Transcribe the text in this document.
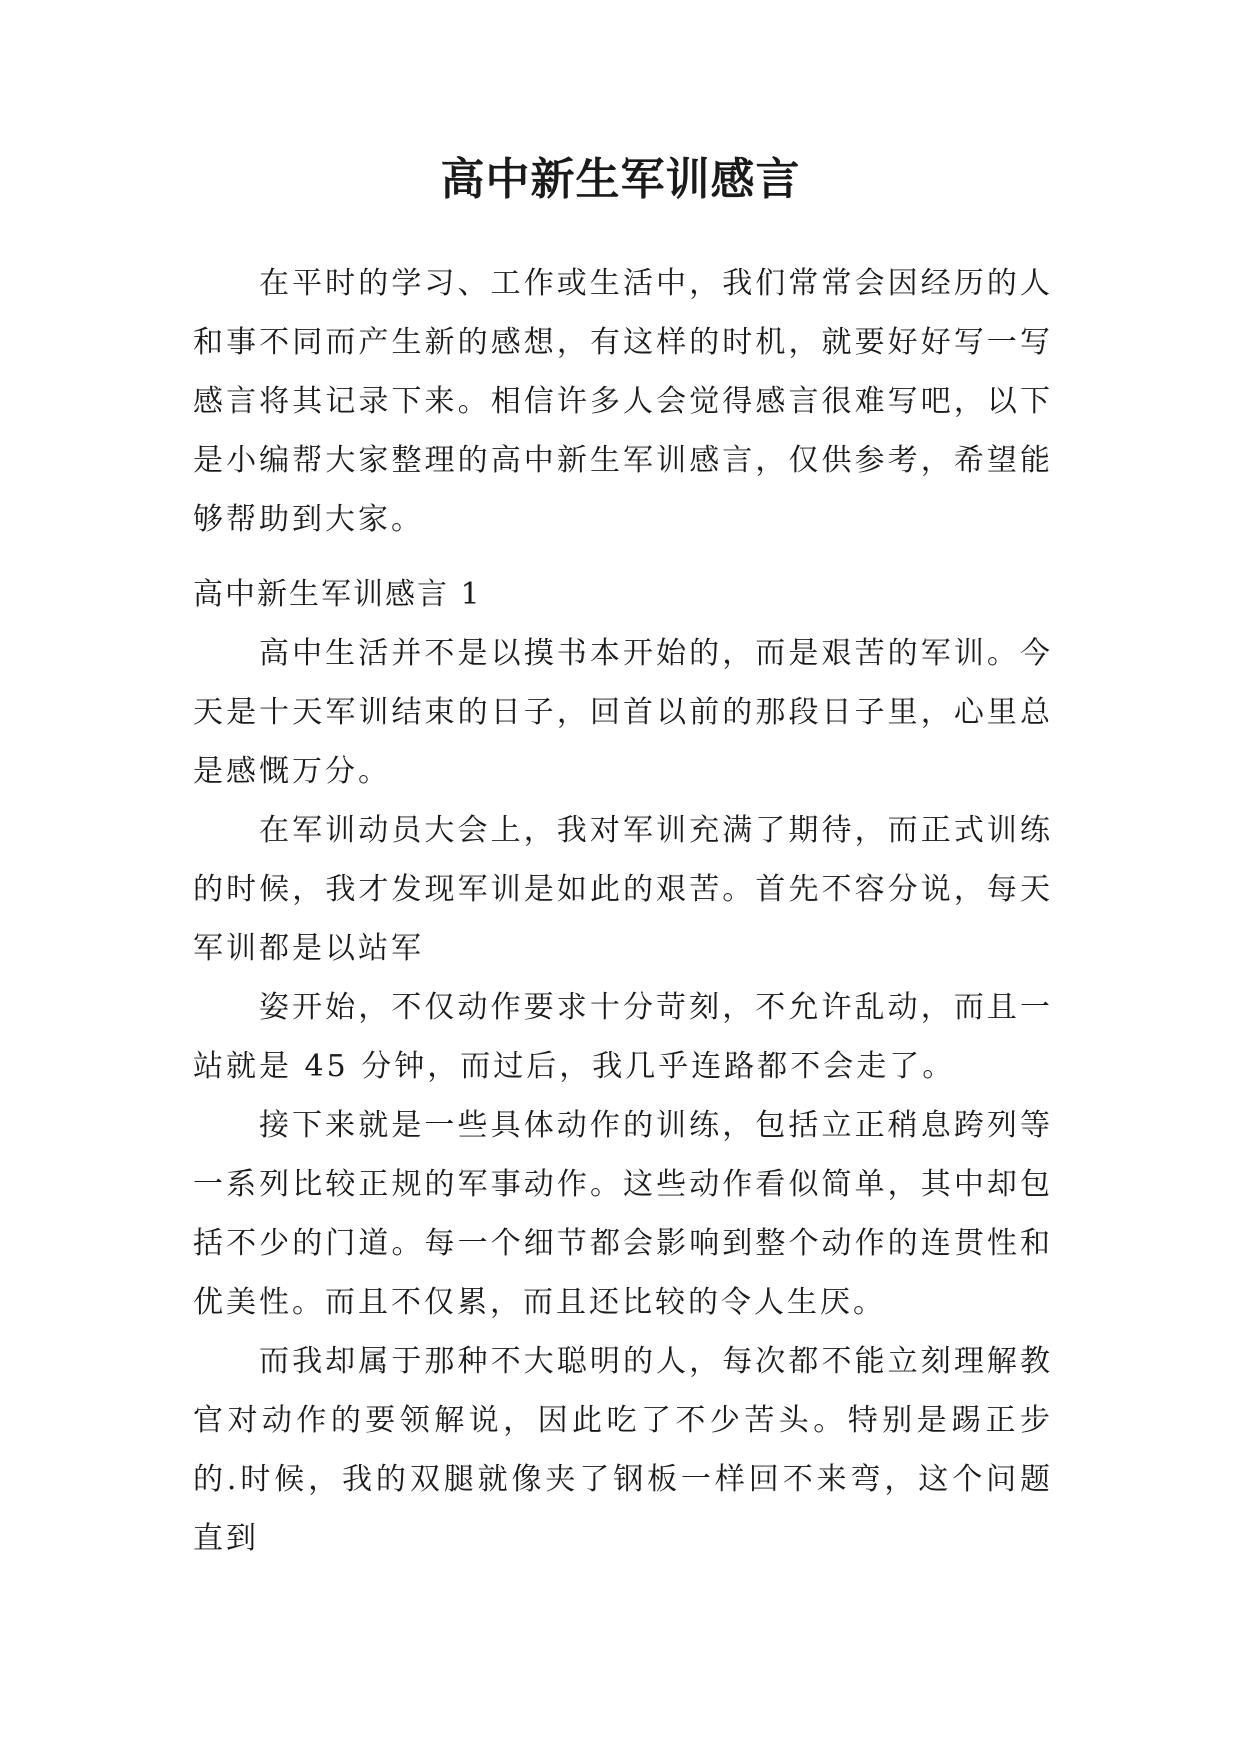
高中新生军训感言

在平时的学习、工作或生活中，我们常常会因经历的人和事不同而产生新的感想，有这样的时机，就要好好写一写感言将其记录下来。相信许多人会觉得感言很难写吧，以下是小编帮大家整理的高中新生军训感言，仅供参考，希望能够帮助到大家。

高中新生军训感言 1

高中生活并不是以摸书本开始的，而是艰苦的军训。今天是十天军训结束的日子，回首以前的那段日子里，心里总是感慨万分。

在军训动员大会上，我对军训充满了期待，而正式训练的时候，我才发现军训是如此的艰苦。首先不容分说，每天军训都是以站军

姿开始，不仅动作要求十分苛刻，不允许乱动，而且一站就是 45 分钟，而过后，我几乎连路都不会走了。

接下来就是一些具体动作的训练，包括立正稍息跨列等一系列比较正规的军事动作。这些动作看似简单，其中却包括不少的门道。每一个细节都会影响到整个动作的连贯性和优美性。而且不仅累，而且还比较的令人生厌。

而我却属于那种不大聪明的人，每次都不能立刻理解教官对动作的要领解说，因此吃了不少苦头。特别是踢正步的.时候，我的双腿就像夹了钢板一样回不来弯，这个问题直到
